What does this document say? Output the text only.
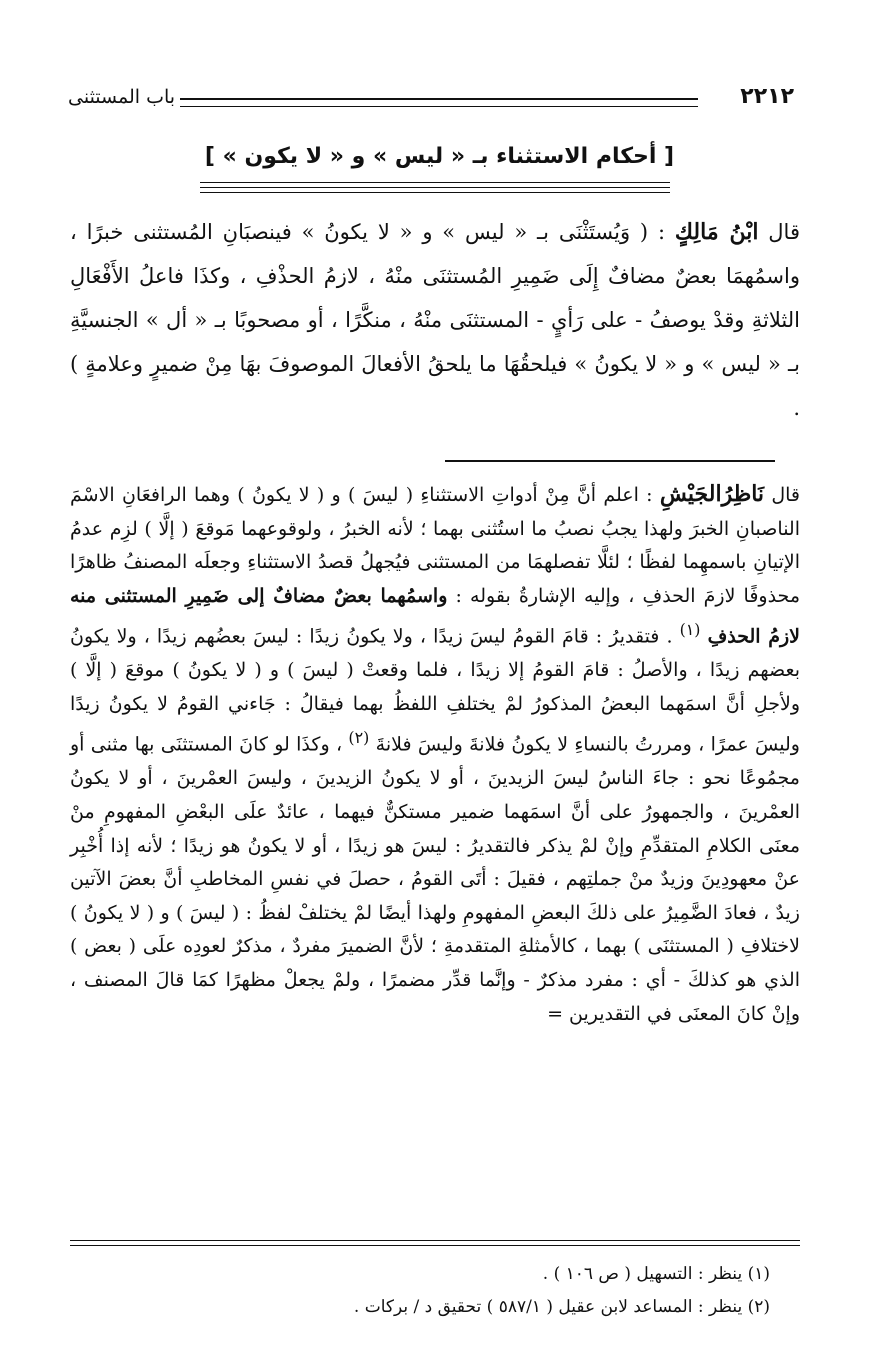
٢٢١٢
باب المستثنى
[ أحكام الاستثناء بـ « ليس » و « لا يكون » ]
قال ابْنُ مَالِكٍ : ( وَيُستَثْنَى بـ « ليس » و « لا يكونُ » فينصبَانِ المُستثنى خبرًا ، واسمُهمَا بعضٌ مضافٌ إِلَى ضَمِيرِ المُستثنَى منْهُ ، لازمُ الحذْفِ ، وكذَا فاعلُ الأَفْعَالِ الثلاثةِ وقدْ يوصفُ - على رَأيٍ - المستثنَى منْهُ ، منكَّرًا ، أو مصحوبًا بـ « أل » الجنسيَّةِ بـ « ليس » و « لا يكونُ » فيلحقُهَا ما يلحقُ الأفعالَ الموصوفَ بهَا مِنْ ضميرٍ وعلامةٍ ) .
قال نَاظِرُالجَيْشِ : اعلم أنَّ مِنْ أدواتِ الاستثناءِ ( ليسَ ) و ( لا يكونُ ) وهما الرافعَانِ الاسْمَ الناصبانِ الخبرَ ولهذا يجبُ نصبُ ما استُثنى بهما ؛ لأنه الخبرُ ، ولوقوعهما مَوقعَ ( إلَّا ) لزِم عدمُ الإتيانِ باسمهِما لفظًا ؛ لئلَّا تفصلهمَا من المستثنى فيُجهلُ قصدُ الاستثناءِ وجعلَه المصنفُ ظاهرًا محذوفًا لازمَ الحذفِ ، وإليه الإشارةُ بقوله : واسمُهما بعضٌ مضافٌ إلى ضَمِيرِ المستثنى منه لازمُ الحذفِ $^{(١)}$ . فتقديرُ : قامَ القومُ ليسَ زيدًا ، ولا يكونُ زيدًا : ليسَ بعضُهم زيدًا ، ولا يكونُ بعضهم زيدًا ، والأصلُ : قامَ القومُ إلا زيدًا ، فلما وقعتْ ( ليسَ ) و ( لا يكونُ ) موقعَ ( إلَّا ) ولأجلِ أنَّ اسمَهما البعضُ المذكورُ لمْ يختلفِ اللفظُ بهما فيقالُ : جَاءني القومُ لا يكونُ زيدًا وليسَ عمرًا ، ومررتُ بالنساءِ لا يكونُ فلانةَ وليسَ فلانةَ $^{(٢)}$ ، وكذَا لو كانَ المستثنَى بها مثنى أو مجمُوعًا نحو : جاءَ الناسُ ليسَ الزيدينَ ، أو لا يكونُ الزيدينَ ، وليسَ العمْرينَ ، أو لا يكونُ العمْرينَ ، والجمهورُ على أنَّ اسمَهما ضمير مستكنٌّ فيهما ، عائدٌ علَى البعْضِ المفهومِ منْ معنَى الكلامِ المتقدِّمِ وإنْ لمْ يذكر فالتقديرُ : ليسَ هو زيدًا ، أو لا يكونُ هو زيدًا ؛ لأنه إذا أُخْبِر عنْ معهودِينَ وزيدٌ منْ جملتِهم ، فقيلَ : أتَى القومُ ، حصلَ في نفسِ المخاطبِ أنَّ بعضَ الآتين زيدٌ ، فعادَ الضَّمِيرُ على ذلكَ البعضِ المفهومِ ولهذا أيضًا لمْ يختلفْ لفظُ : ( ليسَ ) و ( لا يكونُ ) لاختلافِ ( المستثنَى ) بهما ، كالأمثلةِ المتقدمةِ ؛ لأنَّ الضميرَ مفردٌ ، مذكرٌ لعودِه علَى ( بعض ) الذي هو كذلكَ - أي : مفرد مذكرٌ - وإنَّما قدِّر مضمرًا ، ولمْ يجعلْ مظهرًا كمَا قالَ المصنف ، وإنْ كانَ المعنَى في التقديرين =
(١) ينظر : التسهيل ( ص ١٠٦ ) .
(٢) ينظر : المساعد لابن عقيل ( ٥٨٧/١ ) تحقيق د / بركات .
